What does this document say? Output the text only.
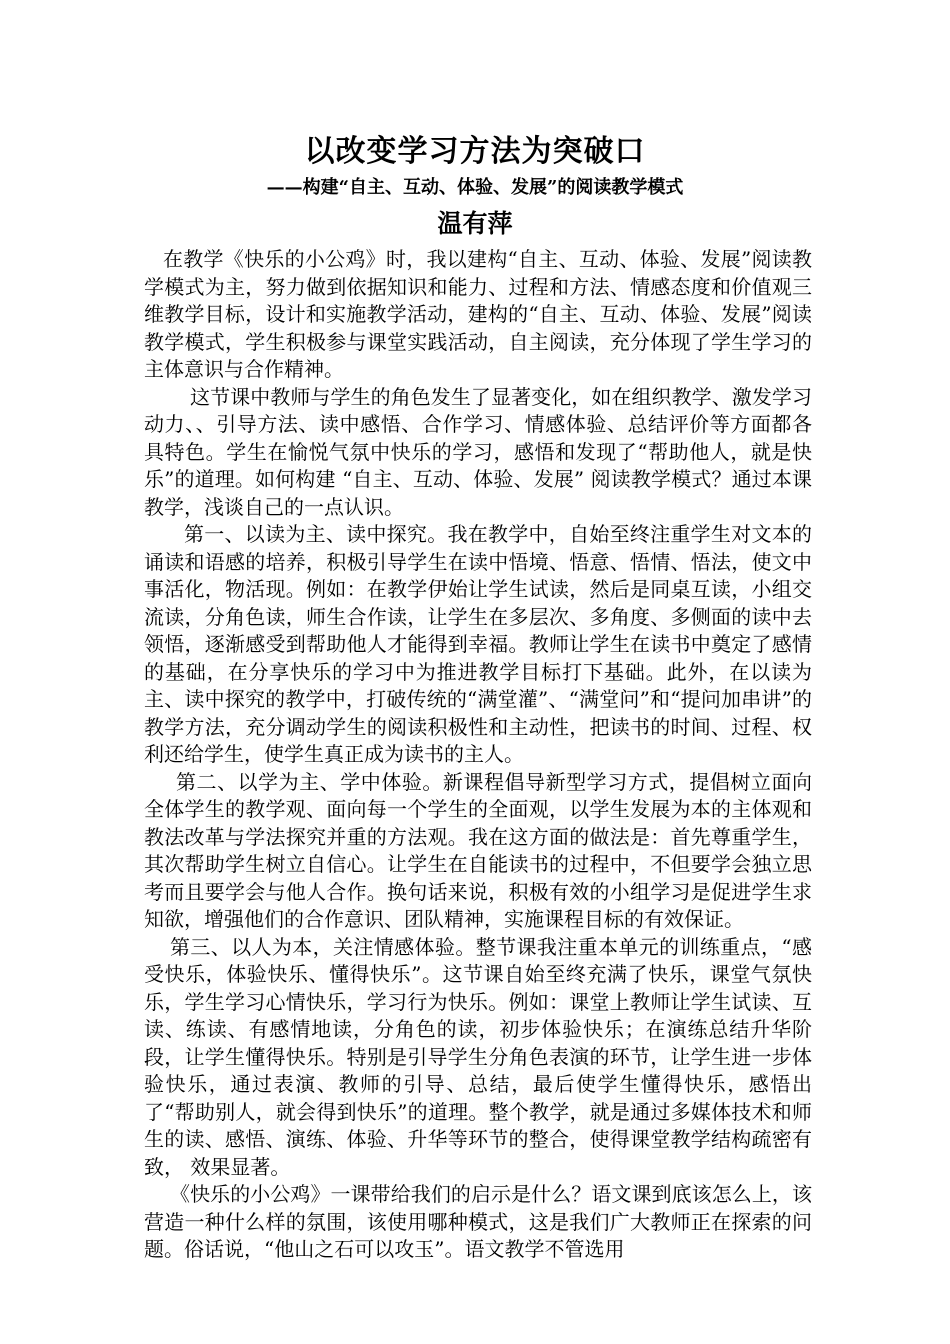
以改变学习方法为突破口
——构建“自主、互动、体验、发展”的阅读教学模式
温有萍

在教学《快乐的小公鸡》时，我以建构“自主、互动、体验、发展”阅读教学模式为主，努力做到依据知识和能力、过程和方法、情感态度和价值观三维教学目标，设计和实施教学活动，建构的“自主、互动、体验、发展”阅读教学模式，学生积极参与课堂实践活动，自主阅读，充分体现了学生学习的主体意识与合作精神。

这节课中教师与学生的角色发生了显著变化，如在组织教学、激发学习动力、、引导方法、读中感悟、合作学习、情感体验、总结评价等方面都各具特色。学生在愉悦气氛中快乐的学习，感悟和发现了“帮助他人，就是快乐”的道理。如何构建 “自主、互动、体验、发展” 阅读教学模式？通过本课教学，浅谈自己的一点认识。

第一、以读为主、读中探究。我在教学中，自始至终注重学生对文本的诵读和语感的培养，积极引导学生在读中悟境、悟意、悟情、悟法，使文中事活化，物活现。例如：在教学伊始让学生试读，然后是同桌互读，小组交流读，分角色读，师生合作读，让学生在多层次、多角度、多侧面的读中去领悟，逐渐感受到帮助他人才能得到幸福。教师让学生在读书中奠定了感情的基础，在分享快乐的学习中为推进教学目标打下基础。此外，在以读为主、读中探究的教学中，打破传统的“满堂灌”、“满堂问”和“提问加串讲”的教学方法，充分调动学生的阅读积极性和主动性，把读书的时间、过程、权利还给学生，使学生真正成为读书的主人。

第二、以学为主、学中体验。新课程倡导新型学习方式，提倡树立面向全体学生的教学观、面向每一个学生的全面观，以学生发展为本的主体观和教法改革与学法探究并重的方法观。我在这方面的做法是：首先尊重学生，其次帮助学生树立自信心。让学生在自能读书的过程中，不但要学会独立思考而且要学会与他人合作。换句话来说，积极有效的小组学习是促进学生求知欲，增强他们的合作意识、团队精神，实施课程目标的有效保证。

第三、以人为本，关注情感体验。整节课我注重本单元的训练重点，“感受快乐，体验快乐、懂得快乐”。这节课自始至终充满了快乐，课堂气氛快乐，学生学习心情快乐，学习行为快乐。例如：课堂上教师让学生试读、互读、练读、有感情地读，分角色的读，初步体验快乐；在演练总结升华阶段，让学生懂得快乐。特别是引导学生分角色表演的环节，让学生进一步体验快乐，通过表演、教师的引导、总结，最后使学生懂得快乐，感悟出了“帮助别人，就会得到快乐”的道理。整个教学，就是通过多媒体技术和师生的读、感悟、演练、体验、升华等环节的整合，使得课堂教学结构疏密有致， 效果显著。

《快乐的小公鸡》一课带给我们的启示是什么？语文课到底该怎么上，该营造一种什么样的氛围，该使用哪种模式，这是我们广大教师正在探索的问题。俗话说，“他山之石可以攻玉”。语文教学不管选用
